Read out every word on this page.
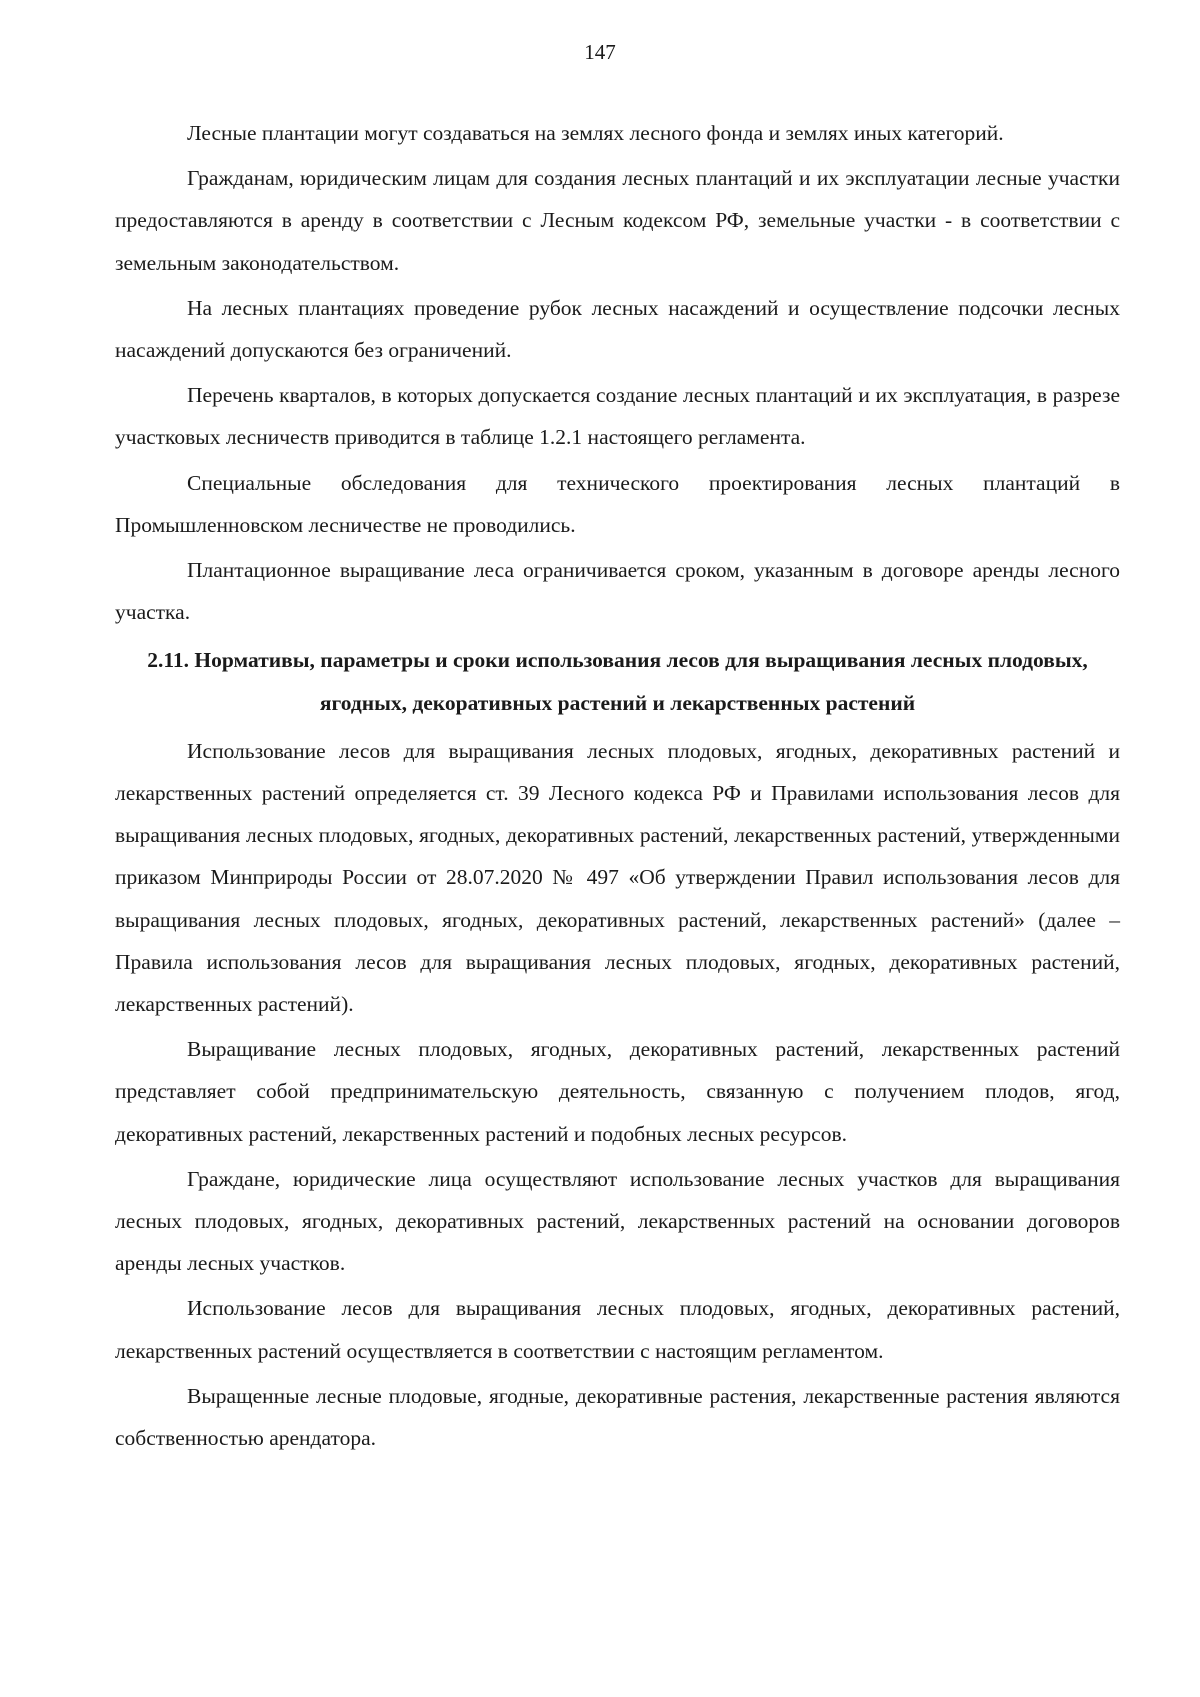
147

Лесные плантации могут создаваться на землях лесного фонда и землях иных категорий.

Гражданам, юридическим лицам для создания лесных плантаций и их эксплуатации лесные участки предоставляются в аренду в соответствии с Лесным кодексом РФ, земельные участки - в соответствии с земельным законодательством.

На лесных плантациях проведение рубок лесных насаждений и осуществление подсочки лесных насаждений допускаются без ограничений.

Перечень кварталов, в которых допускается создание лесных плантаций и их эксплуатация, в разрезе участковых лесничеств приводится в таблице 1.2.1 настоящего регламента.

Специальные обследования для технического проектирования лесных плантаций в Промышленновском лесничестве не проводились.

Плантационное выращивание леса ограничивается сроком, указанным в договоре аренды лесного участка.

2.11. Нормативы, параметры и сроки использования лесов для выращивания лесных плодовых, ягодных, декоративных растений и лекарственных растений

Использование лесов для выращивания лесных плодовых, ягодных, декоративных растений и лекарственных растений определяется ст. 39 Лесного кодекса РФ и Правилами использования лесов для выращивания лесных плодовых, ягодных, декоративных растений, лекарственных растений, утвержденными приказом Минприроды России от 28.07.2020 № 497 «Об утверждении Правил использования лесов для выращивания лесных плодовых, ягодных, декоративных растений, лекарственных растений» (далее – Правила использования лесов для выращивания лесных плодовых, ягодных, декоративных растений, лекарственных растений).

Выращивание лесных плодовых, ягодных, декоративных растений, лекарственных растений представляет собой предпринимательскую деятельность, связанную с получением плодов, ягод, декоративных растений, лекарственных растений и подобных лесных ресурсов.

Граждане, юридические лица осуществляют использование лесных участков для выращивания лесных плодовых, ягодных, декоративных растений, лекарственных растений на основании договоров аренды лесных участков.

Использование лесов для выращивания лесных плодовых, ягодных, декоративных растений, лекарственных растений осуществляется в соответствии с настоящим регламентом.

Выращенные лесные плодовые, ягодные, декоративные растения, лекарственные растения являются собственностью арендатора.
